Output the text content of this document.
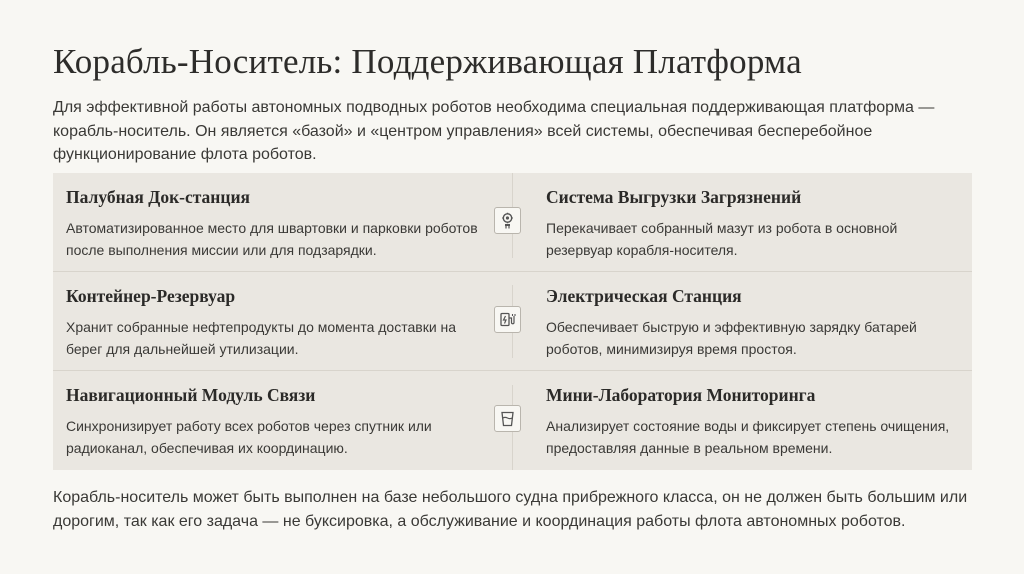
Корабль-Носитель: Поддерживающая Платформа

Для эффективной работы автономных подводных роботов необходима специальная поддерживающая платформа — корабль-носитель. Он является «базой» и «центром управления» всей системы, обеспечивая бесперебойное функционирование флота роботов.

Палубная Док-станция
Автоматизированное место для швартовки и парковки роботов после выполнения миссии или для подзарядки.
Система Выгрузки Загрязнений
Перекачивает собранный мазут из робота в основной резервуар корабля-носителя.
Контейнер-Резервуар
Хранит собранные нефтепродукты до момента доставки на берег для дальнейшей утилизации.
Электрическая Станция
Обеспечивает быструю и эффективную зарядку батарей роботов, минимизируя время простоя.
Навигационный Модуль Связи
Синхронизирует работу всех роботов через спутник или радиоканал, обеспечивая их координацию.
Мини-Лаборатория Мониторинга
Анализирует состояние воды и фиксирует степень очищения, предоставляя данные в реальном времени.

Корабль-носитель может быть выполнен на базе небольшого судна прибрежного класса, он не должен быть большим или дорогим, так как его задача — не буксировка, а обслуживание и координация работы флота автономных роботов.
